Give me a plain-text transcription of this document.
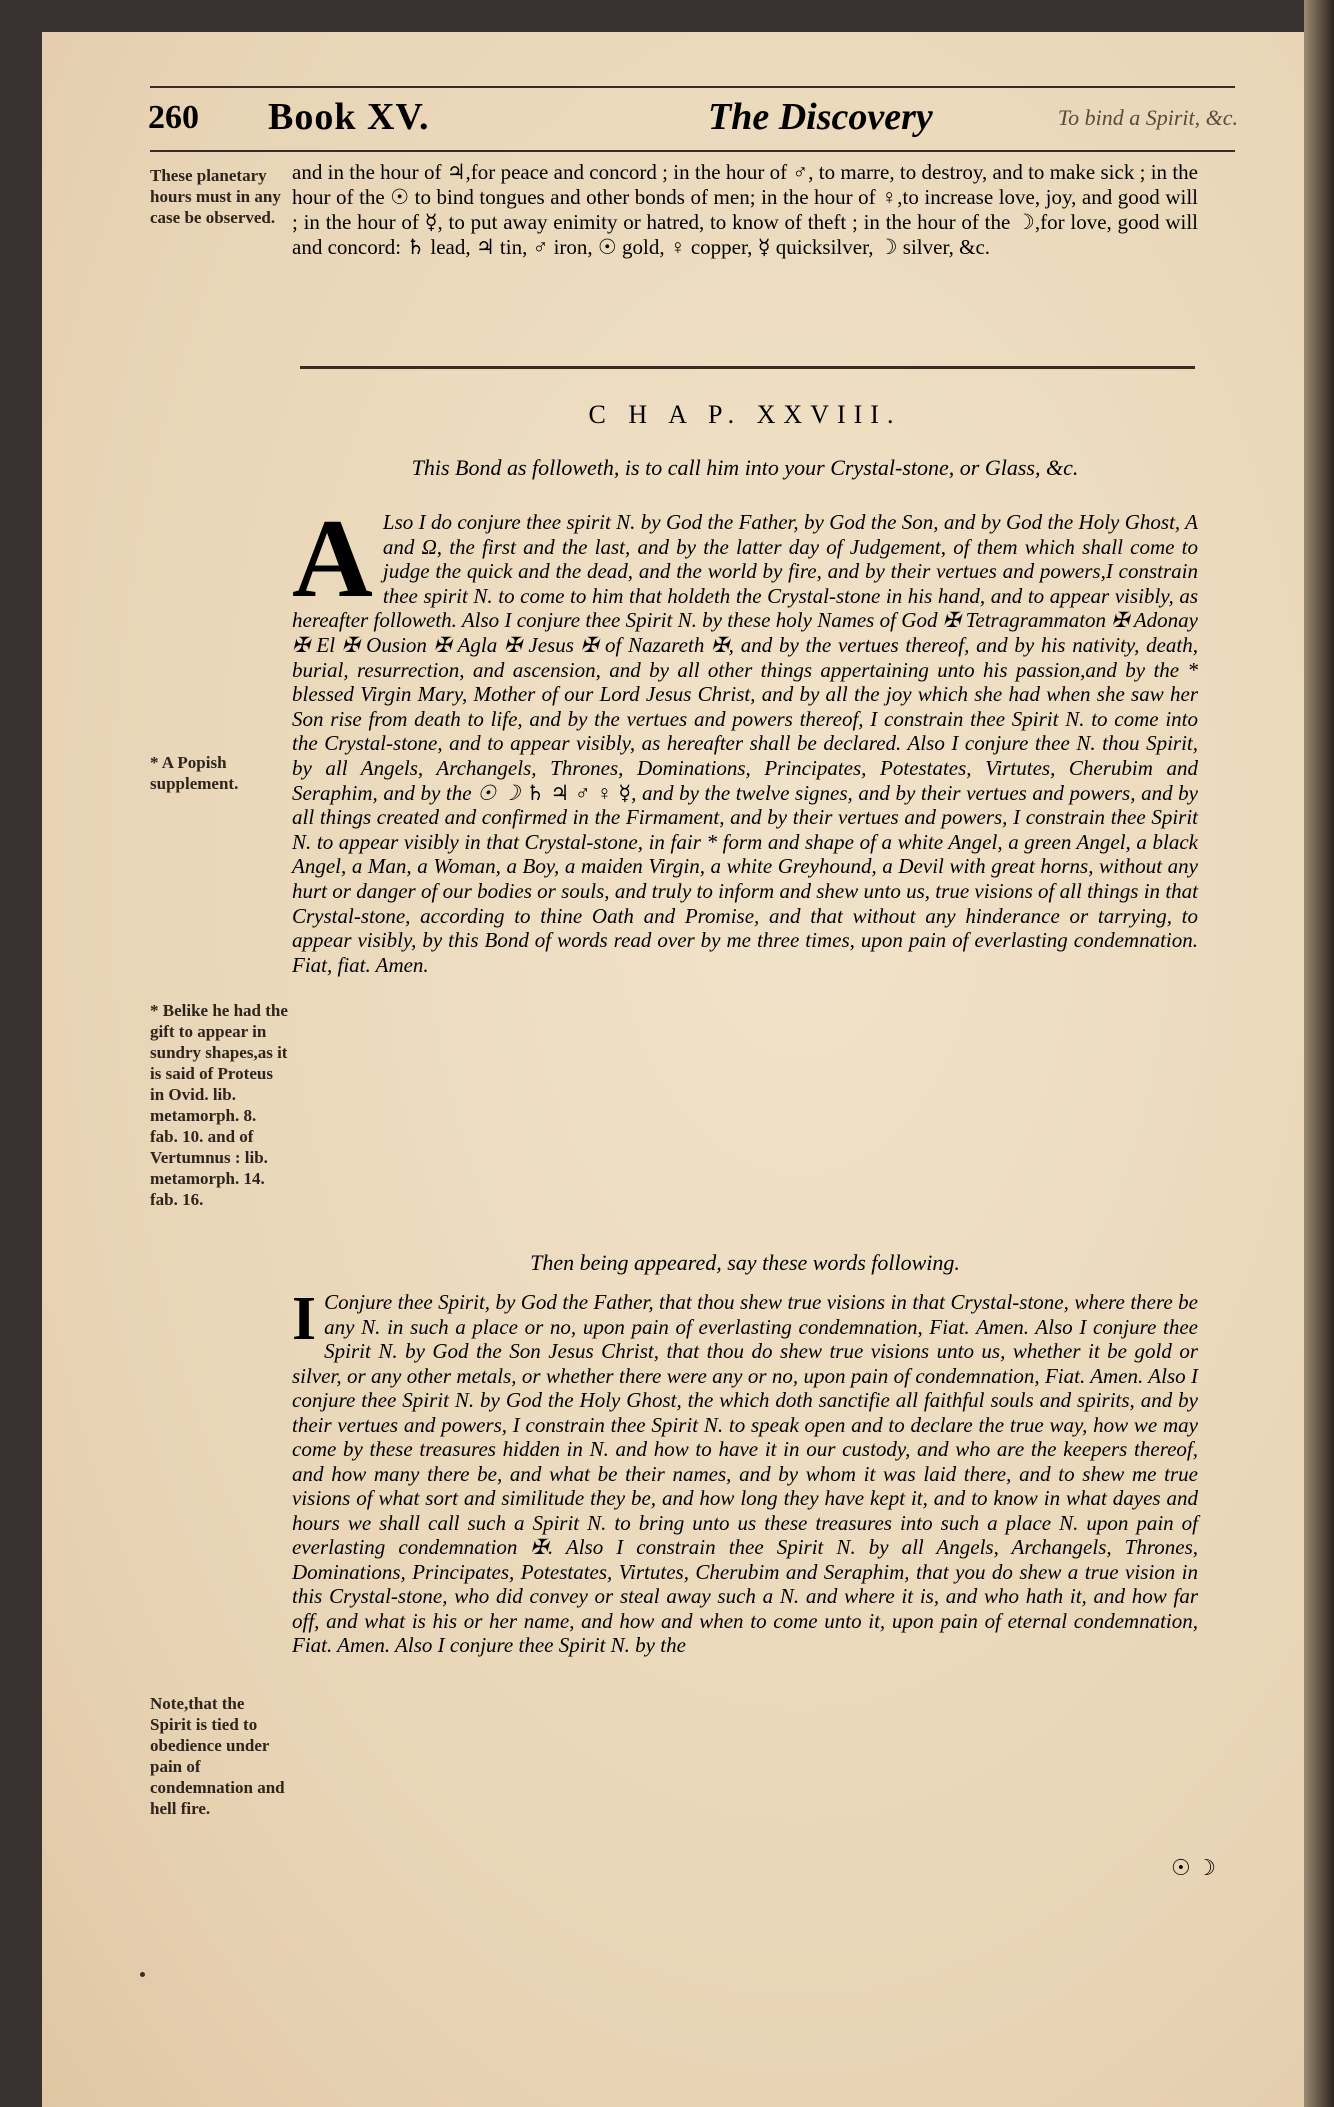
260 Book XV.	The Discovery	To bind a Spirit, &c.
These planetary hours must in any case be observed.
and in the hour of ♃,for peace and concord ; in the hour of ♂, to marre, to destroy, and to make sick ; in the hour of the ☉ to bind tongues and other bonds of men; in the hour of ♀,to increase love, joy, and good will ; in the hour of ☿, to put away enimity or hatred, to know of theft ; in the hour of the ☽,for love, good will and concord: ♄ lead, ♃ tin, ♂ iron, ☉ gold, ♀ copper, ☿ quicksilver, ☽ silver, &c.
C H A P. XXVIII.
This Bond as followeth, is to call him into your Crystal-stone, or Glass, &c.
A Lso I do conjure thee spirit N. by God the Father, by God the Son, and by God the Holy Ghost, A and Ω, the first and the last, and by the latter day of Judgement, of them which shall come to judge the quick and the dead, and the world by fire, and by their vertues and powers,I constrain thee spirit N. to come to him that holdeth the Crystal-stone in his hand, and to appear visibly, as hereafter followeth. Also I conjure thee Spirit N. by these holy Names of God ✠ Tetragrammaton ✠ Adonay ✠ El ✠ Ousion ✠ Agla ✠ Jesus ✠ of Nazareth ✠, and by the vertues thereof, and by his nativity, death, burial, resurrection, and ascension, and by all other things appertaining unto his passion,and by the * blessed Virgin Mary, Mother of our Lord Jesus Christ, and by all the joy which she had when she saw her Son rise from death to life, and by the vertues and powers thereof, I constrain thee Spirit N. to come into the Crystal-stone, and to appear visibly, as hereafter shall be declared. Also I conjure thee N. thou Spirit, by all Angels, Archangels, Thrones, Dominations, Principates, Potestates, Virtutes, Cherubim and Seraphim, and by the ☉ ☽ ♄ ♃ ♂ ♀ ☿, and by the twelve signes, and by their vertues and powers, and by all things created and confirmed in the Firmament, and by their vertues and powers, I constrain thee Spirit N. to appear visibly in that Crystal-stone, in fair * form and shape of a white Angel, a green Angel, a black Angel, a Man, a Woman, a Boy, a maiden Virgin, a white Greyhound, a Devil with great horns, without any hurt or danger of our bodies or souls, and truly to inform and shew unto us, true visions of all things in that Crystal-stone, according to thine Oath and Promise, and that without any hinderance or tarrying, to appear visibly, by this Bond of words read over by me three times, upon pain of everlasting condemnation. Fiat, fiat. Amen.
* A Popish supplement.
* Belike he had the gift to appear in sundry shapes,as it is said of Proteus in Ovid. lib. metamorph. 8. fab. 10. and of Vertumnus : lib. metamorph. 14. fab. 16.
Then being appeared, say these words following.
I Conjure thee Spirit, by God the Father, that thou shew true visions in that Crystal-stone, where there be any N. in such a place or no, upon pain of everlasting condemnation, Fiat. Amen. Also I conjure thee Spirit N. by God the Son Jesus Christ, that thou do shew true visions unto us, whether it be gold or silver, or any other metals, or whether there were any or no, upon pain of condemnation, Fiat. Amen. Also I conjure thee Spirit N. by God the Holy Ghost, the which doth sanctifie all faithful souls and spirits, and by their vertues and powers, I constrain thee Spirit N. to speak open and to declare the true way, how we may come by these treasures hidden in N. and how to have it in our custody, and who are the keepers thereof, and how many there be, and what be their names, and by whom it was laid there, and to shew me true visions of what sort and similitude they be, and how long they have kept it, and to know in what dayes and hours we shall call such a Spirit N. to bring unto us these treasures into such a place N. upon pain of everlasting condemnation ✠. Also I constrain thee Spirit N. by all Angels, Archangels, Thrones, Dominations, Principates, Potestates, Virtutes, Cherubim and Seraphim, that you do shew a true vision in this Crystal-stone, who did convey or steal away such a N. and where it is, and who hath it, and how far off, and what is his or her name, and how and when to come unto it, upon pain of eternal condemnation, Fiat. Amen. Also I conjure thee Spirit N. by the
Note,that the Spirit is tied to obedience under pain of condemnation and hell fire.
☉ ☽
